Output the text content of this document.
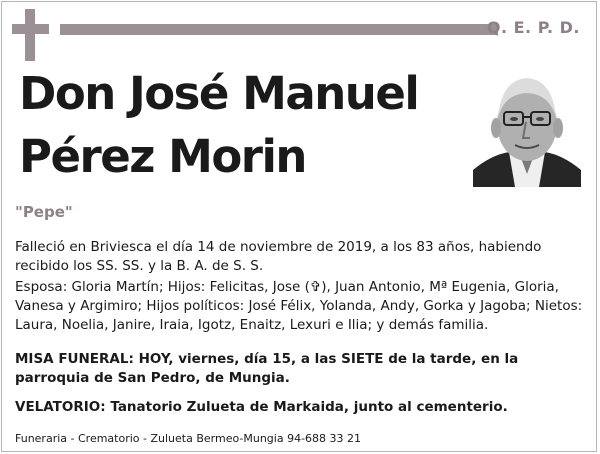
Q. E. P. D.
Don José Manuel
Pérez Morin
"Pepe"
Falleció en Briviesca el día 14 de noviembre de 2019, a los 83 años, habiendo recibido los SS. SS. y la B. A. de S. S.
Esposa: Gloria Martín; Hijos: Felicitas, Jose (✞), Juan Antonio, Mª Eugenia, Gloria, Vanesa y Argimiro; Hijos políticos: José Félix, Yolanda, Andy, Gorka y Jagoba; Nietos: Laura, Noelia, Janire, Iraia, Igotz, Enaitz, Lexuri e Ilia; y demás familia.
MISA FUNERAL: HOY, viernes, día 15, a las SIETE de la tarde, en la parroquia de San Pedro, de Mungia.
VELATORIO: Tanatorio Zulueta de Markaida, junto al cementerio.
Funeraria - Crematorio - Zulueta Bermeo-Mungia 94-688 33 21
